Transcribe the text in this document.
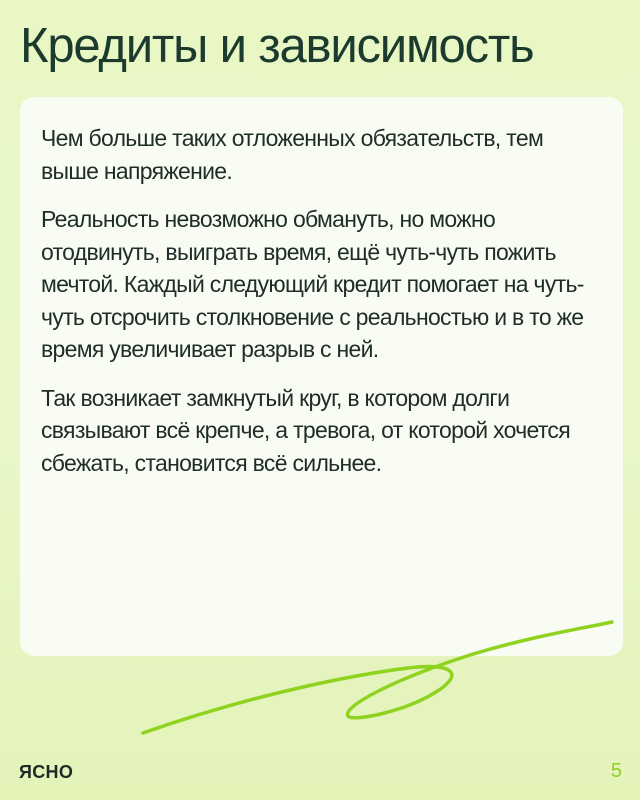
Кредиты и зависимость

Чем больше таких отложенных обязательств, тем выше напряжение.

Реальность невозможно обмануть, но можно отодвинуть, выиграть время, ещё чуть-чуть пожить мечтой. Каждый следующий кредит помогает на чуть-чуть отсрочить столкновение с реальностью и в то же время увеличивает разрыв с ней.

Так возникает замкнутый круг, в котором долги связывают всё крепче, а тревога, от которой хочется сбежать, становится всё сильнее.

ЯСНО	5
